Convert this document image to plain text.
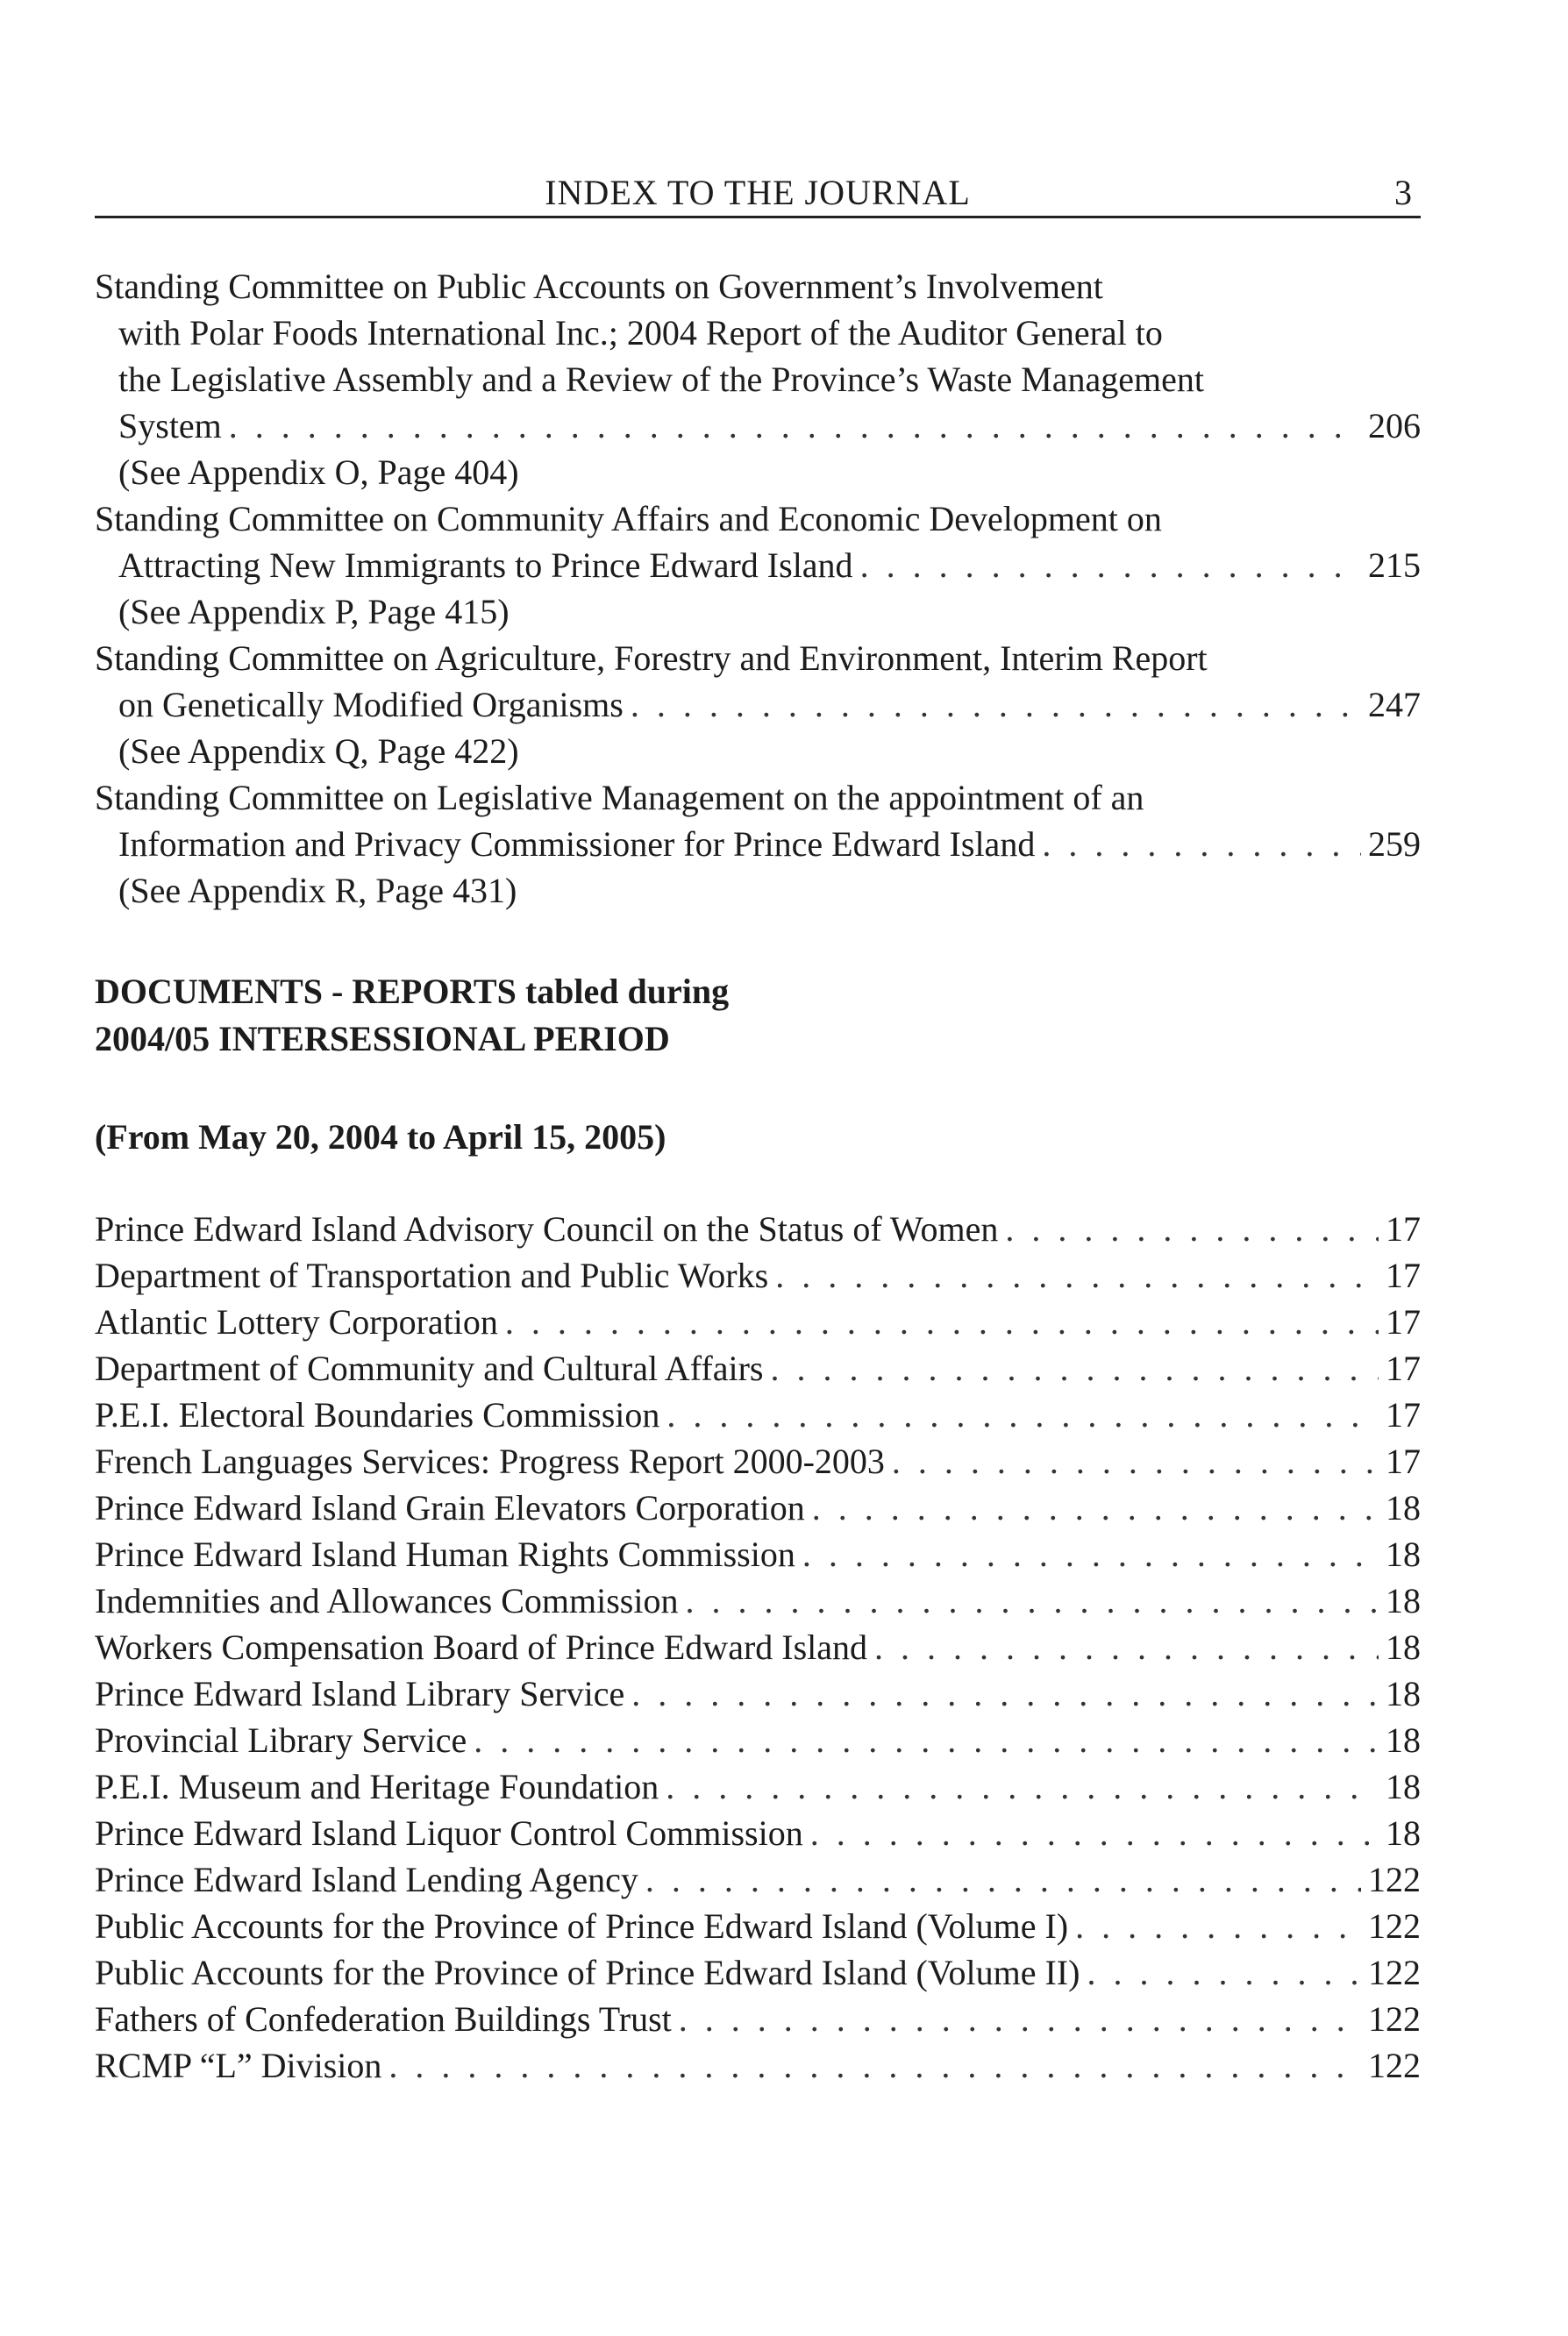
INDEX TO THE JOURNAL	3
Standing Committee on Public Accounts on Government’s Involvement
with Polar Foods International Inc.; 2004 Report of the Auditor General to
the Legislative Assembly and a Review of the Province’s Waste Management
System . . .	206
(See Appendix O, Page 404)
Standing Committee on Community Affairs and Economic Development on
Attracting New Immigrants to Prince Edward Island . . .	215
(See Appendix P, Page 415)
Standing Committee on Agriculture, Forestry and Environment, Interim Report
on Genetically Modified Organisms . . .	247
(See Appendix Q, Page 422)
Standing Committee on Legislative Management on the appointment of an
Information and Privacy Commissioner for Prince Edward Island . . .	259
(See Appendix R, Page 431)
DOCUMENTS - REPORTS tabled during
2004/05 INTERSESSIONAL PERIOD
(From May 20, 2004 to April 15, 2005)
Prince Edward Island Advisory Council on the Status of Women . . .	17
Department of Transportation and Public Works . . .	17
Atlantic Lottery Corporation . . .	17
Department of Community and Cultural Affairs . . .	17
P.E.I. Electoral Boundaries Commission . . .	17
French Languages Services: Progress Report 2000-2003 . . .	17
Prince Edward Island Grain Elevators Corporation . . .	18
Prince Edward Island Human Rights Commission . . .	18
Indemnities and Allowances Commission . . .	18
Workers Compensation Board of Prince Edward Island . . .	18
Prince Edward Island Library Service . . .	18
Provincial Library Service . . .	18
P.E.I. Museum and Heritage Foundation . . .	18
Prince Edward Island Liquor Control Commission . . .	18
Prince Edward Island Lending Agency . . .	122
Public Accounts for the Province of Prince Edward Island (Volume I) . . .	122
Public Accounts for the Province of Prince Edward Island (Volume II) . . .	122
Fathers of Confederation Buildings Trust . . .	122
RCMP “L” Division . . .	122
